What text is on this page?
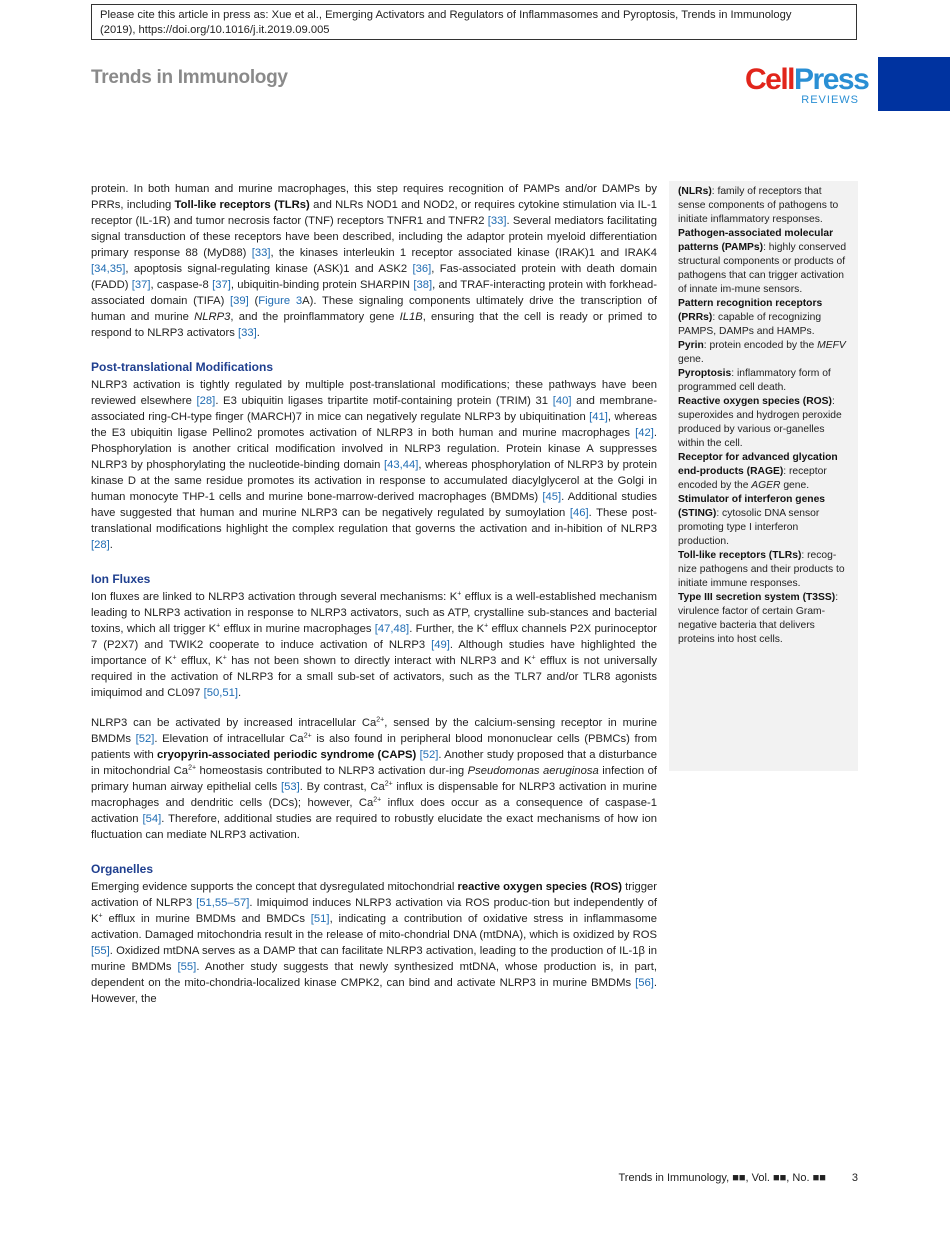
Please cite this article in press as: Xue et al., Emerging Activators and Regulators of Inflammasomes and Pyroptosis, Trends in Immunology
(2019), https://doi.org/10.1016/j.it.2019.09.005
Trends in Immunology	CellPress
REVIEWS

protein. In both human and murine macrophages, this step requires recognition of PAMPs and/or DAMPs by PRRs, including Toll-like receptors (TLRs) and NLRs NOD1 and NOD2, or requires cytokine stimulation via IL-1 receptor (IL-1R) and tumor necrosis factor (TNF) receptors TNFR1 and TNFR2 [33]. Several mediators facilitating signal transduction of these receptors have been described, including the adaptor protein myeloid differentiation primary response 88 (MyD88) [33], the kinases interleukin 1 receptor associated kinase (IRAK)1 and IRAK4 [34,35], apoptosis signal-regulating kinase (ASK)1 and ASK2 [36], Fas-associated protein with death domain (FADD) [37], caspase-8 [37], ubiquitin-binding protein SHARPIN [38], and TRAF-interacting protein with forkhead-associated domain (TIFA) [39] (Figure 3A). These signaling components ultimately drive the transcription of human and murine NLRP3, and the proinflammatory gene IL1B, ensuring that the cell is ready or primed to respond to NLRP3 activators [33].

Post-translational Modifications

NLRP3 activation is tightly regulated by multiple post-translational modifications; these pathways have been reviewed elsewhere [28]. E3 ubiquitin ligases tripartite motif-containing protein (TRIM) 31 [40] and membrane-associated ring-CH-type finger (MARCH)7 in mice can negatively regulate NLRP3 by ubiquitination [41], whereas the E3 ubiquitin ligase Pellino2 promotes activation of NLRP3 in both human and murine macrophages [42]. Phosphorylation is another critical modification involved in NLRP3 regulation. Protein kinase A suppresses NLRP3 by phosphorylating the nucleotide-binding domain [43,44], whereas phosphorylation of NLRP3 by protein kinase D at the same residue promotes its activation in response to accumulated diacylglycerol at the Golgi in human monocyte THP-1 cells and murine bone-marrow-derived macrophages (BMDMs) [45]. Additional studies have suggested that human and murine NLRP3 can be negatively regulated by sumoylation [46]. These post-translational modifications highlight the complex regulation that governs the activation and in-hibition of NLRP3 [28].

Ion Fluxes

Ion fluxes are linked to NLRP3 activation through several mechanisms: K+ efflux is a well-established mechanism leading to NLRP3 activation in response to NLRP3 activators, such as ATP, crystalline sub-stances and bacterial toxins, which all trigger K+ efflux in murine macrophages [47,48]. Further, the K+ efflux channels P2X purinoceptor 7 (P2X7) and TWIK2 cooperate to induce activation of NLRP3 [49]. Although studies have highlighted the importance of K+ efflux, K+ has not been shown to directly interact with NLRP3 and K+ efflux is not universally required in the activation of NLRP3 for a small sub-set of activators, such as the TLR7 and/or TLR8 agonists imiquimod and CL097 [50,51].

NLRP3 can be activated by increased intracellular $Ca^{2+}$, sensed by the calcium-sensing receptor in murine BMDMs [52]. Elevation of intracellular $Ca^{2+}$ is also found in peripheral blood mononuclear cells (PBMCs) from patients with cryopyrin-associated periodic syndrome (CAPS) [52]. Another study proposed that a disturbance in mitochondrial $Ca^{2+}$ homeostasis contributed to NLRP3 activation dur-ing Pseudomonas aeruginosa infection of primary human airway epithelial cells [53]. By contrast, $Ca^{2+}$ influx is dispensable for NLRP3 activation in murine macrophages and dendritic cells (DCs); however, $Ca^{2+}$ influx does occur as a consequence of caspase-1 activation [54]. Therefore, additional studies are required to robustly elucidate the exact mechanisms of how ion fluctuation can mediate NLRP3 activation.

Organelles

Emerging evidence supports the concept that dysregulated mitochondrial reactive oxygen species (ROS) trigger activation of NLRP3 [51,55–57]. Imiquimod induces NLRP3 activation via ROS produc-tion but independently of K+ efflux in murine BMDMs and BMDCs [51], indicating a contribution of oxidative stress in inflammasome activation. Damaged mitochondria result in the release of mito-chondrial DNA (mtDNA), which is oxidized by ROS [55]. Oxidized mtDNA serves as a DAMP that can facilitate NLRP3 activation, leading to the production of IL-1β in murine BMDMs [55]. Another study suggests that newly synthesized mtDNA, whose production is, in part, dependent on the mito-chondria-localized kinase CMPK2, can bind and activate NLRP3 in murine BMDMs [56]. However, the

(NLRs): family of receptors that sense components of pathogens to initiate inflammatory responses.
Pathogen-associated molecular patterns (PAMPs): highly conserved structural components or products of pathogens that can trigger activation of innate im-mune sensors.
Pattern recognition receptors (PRRs): capable of recognizing PAMPS, DAMPs and HAMPs.
Pyrin: protein encoded by the MEFV gene.
Pyroptosis: inflammatory form of programmed cell death.
Reactive oxygen species (ROS): superoxides and hydrogen peroxide produced by various or-ganelles within the cell.
Receptor for advanced glycation end-products (RAGE): receptor encoded by the AGER gene.
Stimulator of interferon genes (STING): cytosolic DNA sensor promoting type I interferon production.
Toll-like receptors (TLRs): recog-nize pathogens and their products to initiate immune responses.
Type III secretion system (T3SS): virulence factor of certain Gram-negative bacteria that delivers proteins into host cells.
Trends in Immunology, ■■, Vol. ■■, No. ■■ 3
